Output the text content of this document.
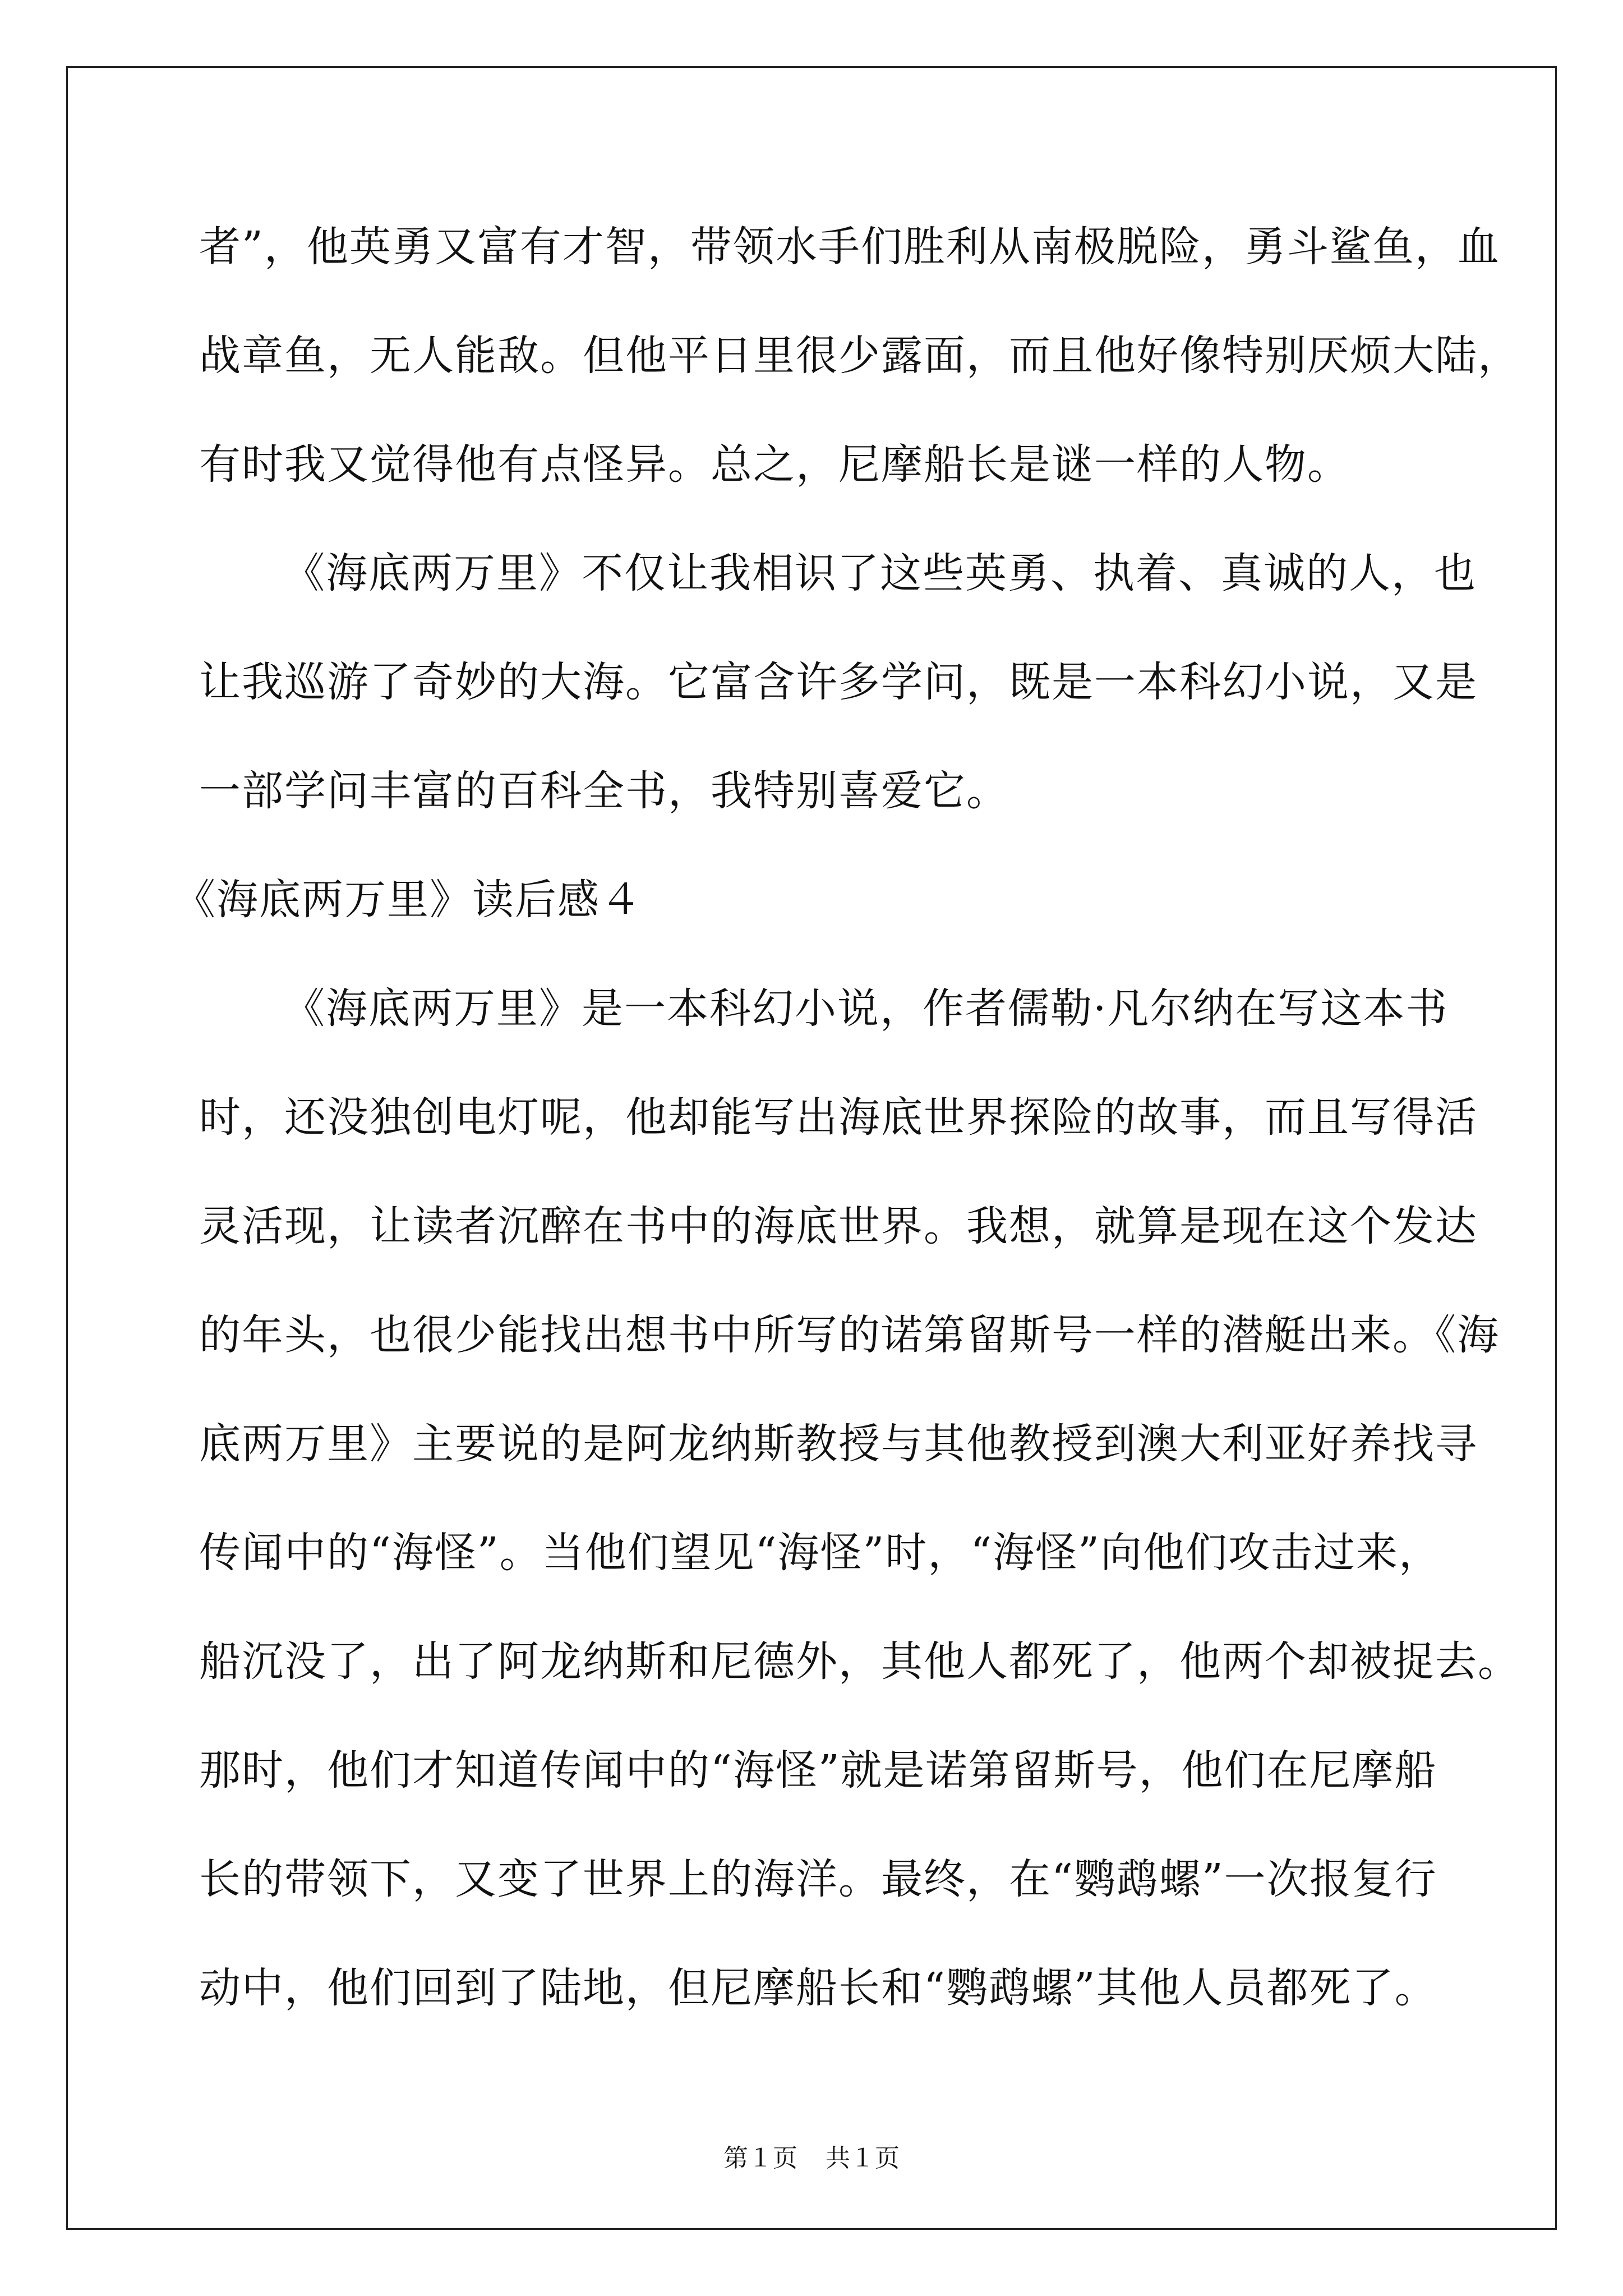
者”，他英勇又富有才智，带领水手们胜利从南极脱险，勇斗鲨鱼，血
战章鱼，无人能敌。但他平日里很少露面，而且他好像特别厌烦大陆，
有时我又觉得他有点怪异。总之，尼摩船长是谜一样的人物。
《海底两万里》不仅让我相识了这些英勇、执着、真诚的人，也
让我巡游了奇妙的大海。它富含许多学问，既是一本科幻小说，又是
一部学问丰富的百科全书，我特别喜爱它。
《海底两万里》读后感４
《海底两万里》是一本科幻小说，作者儒勒·凡尔纳在写这本书
时，还没独创电灯呢，他却能写出海底世界探险的故事，而且写得活
灵活现，让读者沉醉在书中的海底世界。我想，就算是现在这个发达
的年头，也很少能找出想书中所写的诺第留斯号一样的潜艇出来。《海
底两万里》主要说的是阿龙纳斯教授与其他教授到澳大利亚好养找寻
传闻中的“海怪”。当他们望见“海怪”时，“海怪”向他们攻击过来，
船沉没了，出了阿龙纳斯和尼德外，其他人都死了，他两个却被捉去。
那时，他们才知道传闻中的“海怪”就是诺第留斯号，他们在尼摩船
长的带领下，又变了世界上的海洋。最终，在“鹦鹉螺”一次报复行
动中，他们回到了陆地，但尼摩船长和“鹦鹉螺”其他人员都死了。
第１页 共１页
